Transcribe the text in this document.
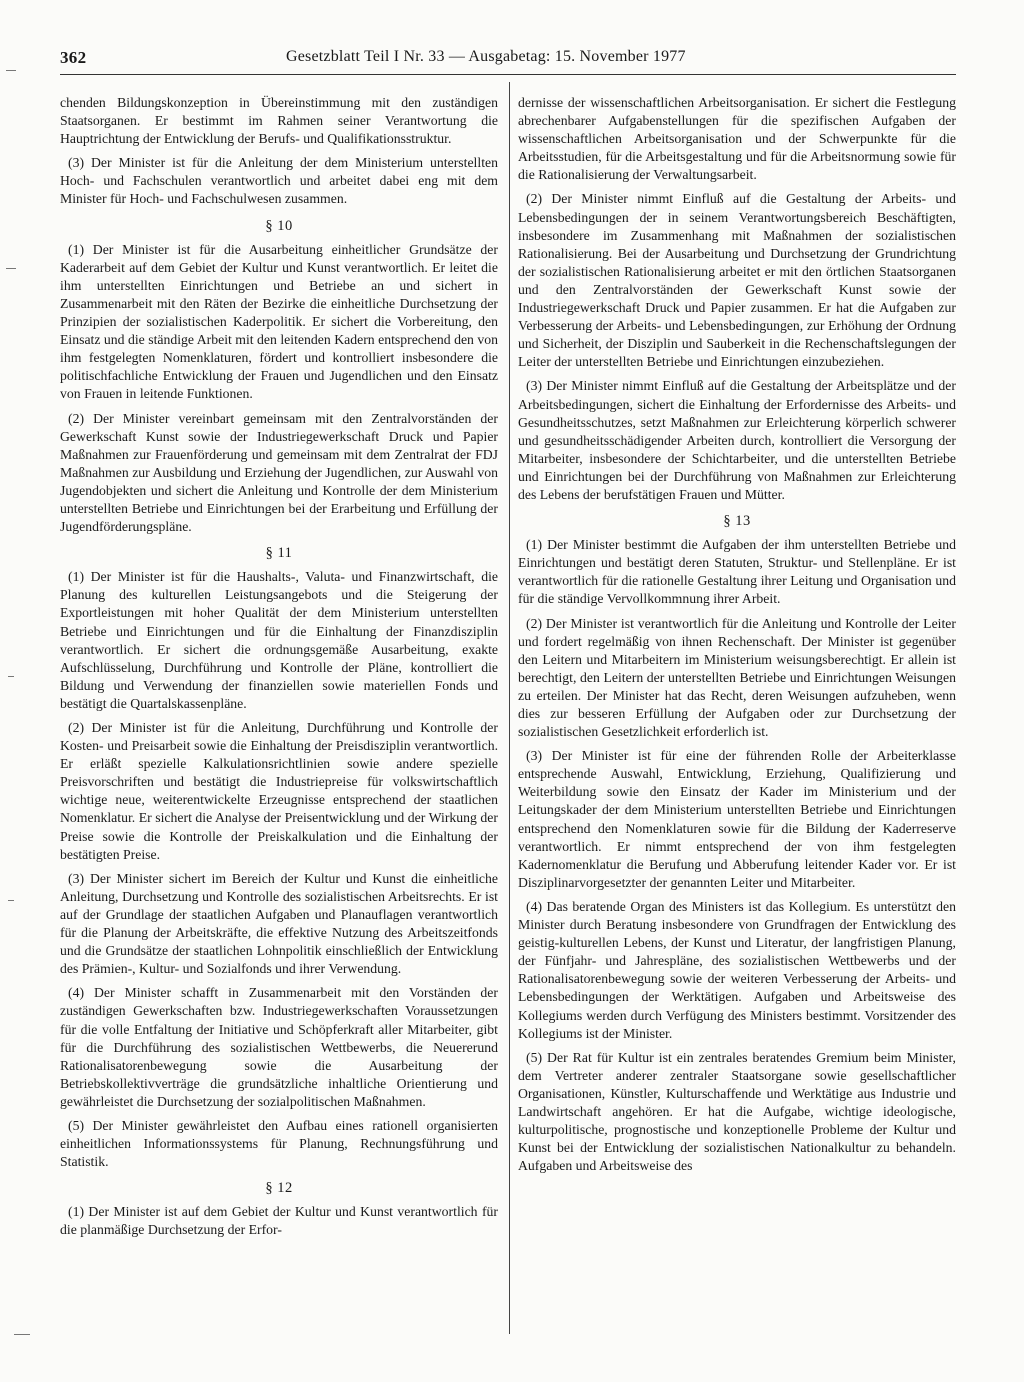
362	Gesetzblatt Teil I Nr. 33 — Ausgabetag: 15. November 1977

chenden Bildungskonzeption in Übereinstimmung mit den zuständigen Staatsorganen. Er bestimmt im Rahmen seiner Verantwortung die Hauptrichtung der Entwicklung der Berufs- und Qualifikationsstruktur.

(3) Der Minister ist für die Anleitung der dem Ministerium unterstellten Hoch- und Fachschulen verantwortlich und arbeitet dabei eng mit dem Minister für Hoch- und Fachschulwesen zusammen.

§ 10

(1) Der Minister ist für die Ausarbeitung einheitlicher Grundsätze der Kaderarbeit auf dem Gebiet der Kultur und Kunst verantwortlich. Er leitet die ihm unterstellten Einrichtungen und Betriebe an und sichert in Zusammenarbeit mit den Räten der Bezirke die einheitliche Durchsetzung der Prinzipien der sozialistischen Kaderpolitik. Er sichert die Vorbereitung, den Einsatz und die ständige Arbeit mit den leitenden Kadern entsprechend den von ihm festgelegten Nomenklaturen, fördert und kontrolliert insbesondere die politischfachliche Entwicklung der Frauen und Jugendlichen und den Einsatz von Frauen in leitende Funktionen.

(2) Der Minister vereinbart gemeinsam mit den Zentralvorständen der Gewerkschaft Kunst sowie der Industriegewerkschaft Druck und Papier Maßnahmen zur Frauenförderung und gemeinsam mit dem Zentralrat der FDJ Maßnahmen zur Ausbildung und Erziehung der Jugendlichen, zur Auswahl von Jugendobjekten und sichert die Anleitung und Kontrolle der dem Ministerium unterstellten Betriebe und Einrichtungen bei der Erarbeitung und Erfüllung der Jugendförderungspläne.

§ 11

(1) Der Minister ist für die Haushalts-, Valuta- und Finanzwirtschaft, die Planung des kulturellen Leistungsangebots und die Steigerung der Exportleistungen mit hoher Qualität der dem Ministerium unterstellten Betriebe und Einrichtungen und für die Einhaltung der Finanzdisziplin verantwortlich. Er sichert die ordnungsgemäße Ausarbeitung, exakte Aufschlüsselung, Durchführung und Kontrolle der Pläne, kontrolliert die Bildung und Verwendung der finanziellen sowie materiellen Fonds und bestätigt die Quartalskassenpläne.

(2) Der Minister ist für die Anleitung, Durchführung und Kontrolle der Kosten- und Preisarbeit sowie die Einhaltung der Preisdisziplin verantwortlich. Er erläßt spezielle Kalkulationsrichtlinien sowie andere spezielle Preisvorschriften und bestätigt die Industriepreise für volkswirtschaftlich wichtige neue, weiterentwickelte Erzeugnisse entsprechend der staatlichen Nomenklatur. Er sichert die Analyse der Preisentwicklung und der Wirkung der Preise sowie die Kontrolle der Preiskalkulation und die Einhaltung der bestätigten Preise.

(3) Der Minister sichert im Bereich der Kultur und Kunst die einheitliche Anleitung, Durchsetzung und Kontrolle des sozialistischen Arbeitsrechts. Er ist auf der Grundlage der staatlichen Aufgaben und Planauflagen verantwortlich für die Planung der Arbeitskräfte, die effektive Nutzung des Arbeitszeitfonds und die Grundsätze der staatlichen Lohnpolitik einschließlich der Entwicklung des Prämien-, Kultur- und Sozialfonds und ihrer Verwendung.

(4) Der Minister schafft in Zusammenarbeit mit den Vorständen der zuständigen Gewerkschaften bzw. Industriegewerkschaften Voraussetzungen für die volle Entfaltung der Initiative und Schöpferkraft aller Mitarbeiter, gibt für die Durchführung des sozialistischen Wettbewerbs, die Neuererund Rationalisatorenbewegung sowie die Ausarbeitung der Betriebskollektivverträge die grundsätzliche inhaltliche Orientierung und gewährleistet die Durchsetzung der sozialpolitischen Maßnahmen.

(5) Der Minister gewährleistet den Aufbau eines rationell organisierten einheitlichen Informationssystems für Planung, Rechnungsführung und Statistik.

§ 12

(1) Der Minister ist auf dem Gebiet der Kultur und Kunst verantwortlich für die planmäßige Durchsetzung der Erfor-

dernisse der wissenschaftlichen Arbeitsorganisation. Er sichert die Festlegung abrechenbarer Aufgabenstellungen für die spezifischen Aufgaben der wissenschaftlichen Arbeitsorganisation und der Schwerpunkte für die Arbeitsstudien, für die Arbeitsgestaltung und für die Arbeitsnormung sowie für die Rationalisierung der Verwaltungsarbeit.

(2) Der Minister nimmt Einfluß auf die Gestaltung der Arbeits- und Lebensbedingungen der in seinem Verantwortungsbereich Beschäftigten, insbesondere im Zusammenhang mit Maßnahmen der sozialistischen Rationalisierung. Bei der Ausarbeitung und Durchsetzung der Grundrichtung der sozialistischen Rationalisierung arbeitet er mit den örtlichen Staatsorganen und den Zentralvorständen der Gewerkschaft Kunst sowie der Industriegewerkschaft Druck und Papier zusammen. Er hat die Aufgaben zur Verbesserung der Arbeits- und Lebensbedingungen, zur Erhöhung der Ordnung und Sicherheit, der Disziplin und Sauberkeit in die Rechenschaftslegungen der Leiter der unterstellten Betriebe und Einrichtungen einzubeziehen.

(3) Der Minister nimmt Einfluß auf die Gestaltung der Arbeitsplätze und der Arbeitsbedingungen, sichert die Einhaltung der Erfordernisse des Arbeits- und Gesundheitsschutzes, setzt Maßnahmen zur Erleichterung körperlich schwerer und gesundheitsschädigender Arbeiten durch, kontrolliert die Versorgung der Mitarbeiter, insbesondere der Schichtarbeiter, und die unterstellten Betriebe und Einrichtungen bei der Durchführung von Maßnahmen zur Erleichterung des Lebens der berufstätigen Frauen und Mütter.

§ 13

(1) Der Minister bestimmt die Aufgaben der ihm unterstellten Betriebe und Einrichtungen und bestätigt deren Statuten, Struktur- und Stellenpläne. Er ist verantwortlich für die rationelle Gestaltung ihrer Leitung und Organisation und für die ständige Vervollkommnung ihrer Arbeit.

(2) Der Minister ist verantwortlich für die Anleitung und Kontrolle der Leiter und fordert regelmäßig von ihnen Rechenschaft. Der Minister ist gegenüber den Leitern und Mitarbeitern im Ministerium weisungsberechtigt. Er allein ist berechtigt, den Leitern der unterstellten Betriebe und Einrichtungen Weisungen zu erteilen. Der Minister hat das Recht, deren Weisungen aufzuheben, wenn dies zur besseren Erfüllung der Aufgaben oder zur Durchsetzung der sozialistischen Gesetzlichkeit erforderlich ist.

(3) Der Minister ist für eine der führenden Rolle der Arbeiterklasse entsprechende Auswahl, Entwicklung, Erziehung, Qualifizierung und Weiterbildung sowie den Einsatz der Kader im Ministerium und der Leitungskader der dem Ministerium unterstellten Betriebe und Einrichtungen entsprechend den Nomenklaturen sowie für die Bildung der Kaderreserve verantwortlich. Er nimmt entsprechend der von ihm festgelegten Kadernomenklatur die Berufung und Abberufung leitender Kader vor. Er ist Disziplinarvorgesetzter der genannten Leiter und Mitarbeiter.

(4) Das beratende Organ des Ministers ist das Kollegium. Es unterstützt den Minister durch Beratung insbesondere von Grundfragen der Entwicklung des geistig-kulturellen Lebens, der Kunst und Literatur, der langfristigen Planung, der Fünfjahr- und Jahrespläne, des sozialistischen Wettbewerbs und der Rationalisatorenbewegung sowie der weiteren Verbesserung der Arbeits- und Lebensbedingungen der Werktätigen. Aufgaben und Arbeitsweise des Kollegiums werden durch Verfügung des Ministers bestimmt. Vorsitzender des Kollegiums ist der Minister.

(5) Der Rat für Kultur ist ein zentrales beratendes Gremium beim Minister, dem Vertreter anderer zentraler Staatsorgane sowie gesellschaftlicher Organisationen, Künstler, Kulturschaffende und Werktätige aus Industrie und Landwirtschaft angehören. Er hat die Aufgabe, wichtige ideologische, kulturpolitische, prognostische und konzeptionelle Probleme der Kultur und Kunst bei der Entwicklung der sozialistischen Nationalkultur zu behandeln. Aufgaben und Arbeitsweise des
